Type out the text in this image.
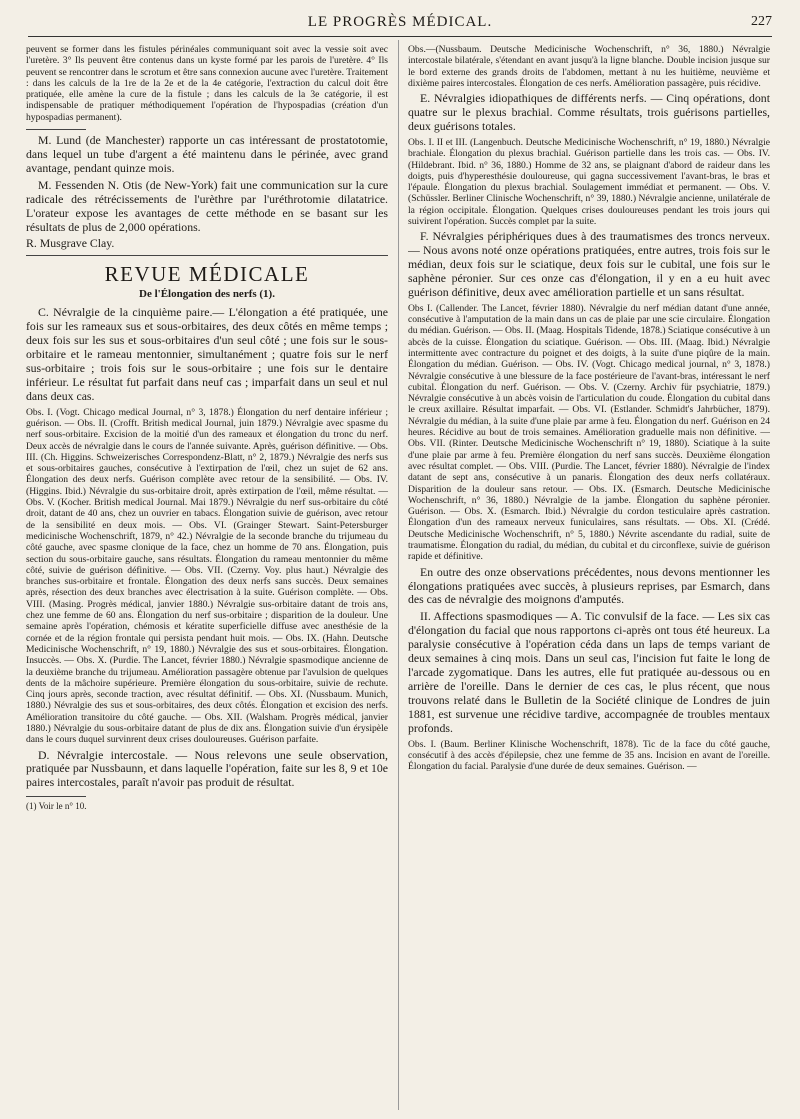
LE PROGRÈS MÉDICAL.	227

peuvent se former dans les fistules périnéales communiquant soit avec la vessie soit avec l'uretère. 3° Ils peuvent être contenus dans un kyste formé par les parois de l'uretère. 4° Ils peuvent se rencontrer dans le scrotum et être sans connexion aucune avec l'uretère. Traitement : dans les calculs de la 1re de la 2e et de la 4e catégorie, l'extraction du calcul doit être pratiquée, elle amène la cure de la fistule ; dans les calculs de la 3e catégorie, il est indispensable de pratiquer méthodiquement l'opération de l'hypospadias (création d'un hypospadias permanent).

M. Lund (de Manchester) rapporte un cas intéressant de prostatotomie, dans lequel un tube d'argent a été maintenu dans le périnée, avec grand avantage, pendant quinze mois.

M. Fessenden N. Otis (de New-York) fait une communication sur la cure radicale des rétrécissements de l'urèthre par l'uréthrotomie dilatatrice. L'orateur expose les avantages de cette méthode en se basant sur les résultats de plus de 2,000 opérations.

R. Musgrave Clay.

REVUE MÉDICALE
De l'Élongation des nerfs (1).

C. Névralgie de la cinquième paire.— L'élongation a été pratiquée, une fois sur les rameaux sus et sous-orbitaires, des deux côtés en même temps ; deux fois sur les sus et sous-orbitaires d'un seul côté ; une fois sur le sous-orbitaire et le rameau mentonnier, simultanément ; quatre fois sur le nerf sus-orbitaire ; trois fois sur le sous-orbitaire ; une fois sur le dentaire inférieur. Le résultat fut parfait dans neuf cas ; imparfait dans un seul et nul dans deux cas.

Obs. I. (Vogt. Chicago medical Journal, n° 3, 1878.) Élongation du nerf dentaire inférieur ; guérison. — Obs. II. (Crofft. British medical Journal, juin 1879.) Névralgie avec spasme du nerf sous-orbitaire. Excision de la moitié d'un des rameaux et élongation du tronc du nerf. Deux accès de névralgie dans le cours de l'année suivante. Après, guérison définitive. — Obs. III. (Ch. Higgins. Schweizerisches Correspondenz-Blatt, n° 2, 1879.) Névralgie des nerfs sus et sous-orbitaires gauches, consécutive à l'extirpation de l'œil, chez un sujet de 62 ans. Élongation des deux nerfs. Guérison complète avec retour de la sensibilité. — Obs. IV. (Higgins. Ibid.) Névralgie du sus-orbitaire droit, après extirpation de l'œil, même résultat. — Obs. V. (Kocher. British medical Journal. Mai 1879.) Névralgie du nerf sus-orbitaire du côté droit, datant de 40 ans, chez un ouvrier en tabacs. Élongation suivie de guérison, avec retour de la sensibilité en deux mois. — Obs. VI. (Grainger Stewart. Saint-Petersburger medicinische Wochenschrift, 1879, n° 42.) Névralgie de la seconde branche du trijumeau du côté gauche, avec spasme clonique de la face, chez un homme de 70 ans. Élongation, puis section du sous-orbitaire gauche, sans résultats. Élongation du rameau mentonnier du même côté, suivie de guérison définitive. — Obs. VII. (Czerny. Voy. plus haut.) Névralgie des branches sus-orbitaire et frontale. Élongation des deux nerfs sans succès. Deux semaines après, résection des deux branches avec électrisation à la suite. Guérison complète. — Obs. VIII. (Masing. Progrès médical, janvier 1880.) Névralgie sus-orbitaire datant de trois ans, chez une femme de 60 ans. Élongation du nerf sus-orbitaire ; disparition de la douleur. Une semaine après l'opération, chémosis et kératite superficielle diffuse avec anesthésie de la cornée et de la région frontale qui persista pendant huit mois. — Obs. IX. (Hahn. Deutsche Medicinische Wochenschrift, n° 19, 1880.) Névralgie des sus et sous-orbitaires. Élongation. Insuccès. — Obs. X. (Purdie. The Lancet, février 1880.) Névralgie spasmodique ancienne de la deuxième branche du trijumeau. Amélioration passagère obtenue par l'avulsion de quelques dents de la mâchoire supérieure. Première élongation du sous-orbitaire, suivie de rechute. Cinq jours après, seconde traction, avec résultat définitif. — Obs. XI. (Nussbaum. Munich, 1880.) Névralgie des sus et sous-orbitaires, des deux côtés. Élongation et excision des nerfs. Amélioration transitoire du côté gauche. — Obs. XII. (Walsham. Progrès médical, janvier 1880.) Névralgie du sous-orbitaire datant de plus de dix ans. Élongation suivie d'un érysipèle dans le cours duquel survinrent deux crises douloureuses. Guérison parfaite.

D. Névralgie intercostale. — Nous relevons une seule observation, pratiquée par Nussbaunn, et dans laquelle l'opération, faite sur les 8, 9 et 10e paires intercostales, paraît n'avoir pas produit de résultat.

(1) Voir le n° 10.

Obs.—(Nussbaum. Deutsche Medicinische Wochenschrift, n° 36, 1880.) Névralgie intercostale bilatérale, s'étendant en avant jusqu'à la ligne blanche. Double incision jusque sur le bord externe des grands droits de l'abdomen, mettant à nu les huitième, neuvième et dixième paires intercostales. Élongation de ces nerfs. Amélioration passagère, puis récidive.

E. Névralgies idiopathiques de différents nerfs. — Cinq opérations, dont quatre sur le plexus brachial. Comme résultats, trois guérisons partielles, deux guérisons totales.

Obs. I. II et III. (Langenbuch. Deutsche Medicinische Wochenschrift, n° 19, 1880.) Névralgie brachiale. Élongation du plexus brachial. Guérison partielle dans les trois cas. — Obs. IV. (Hildebrant. Ibid. n° 36, 1880.) Homme de 32 ans, se plaignant d'abord de raideur dans les doigts, puis d'hyperesthésie douloureuse, qui gagna successivement l'avant-bras, le bras et l'épaule. Élongation du plexus brachial. Soulagement immédiat et permanent. — Obs. V. (Schüssler. Berliner Clinische Wochenschrift, n° 39, 1880.) Névralgie ancienne, unilatérale de la région occipitale. Élongation. Quelques crises douloureuses pendant les trois jours qui suivirent l'opération. Succès complet par la suite.

F. Névralgies périphériques dues à des traumatismes des troncs nerveux. — Nous avons noté onze opérations pratiquées, entre autres, trois fois sur le médian, deux fois sur le sciatique, deux fois sur le cubital, une fois sur le saphène péronier. Sur ces onze cas d'élongation, il y en a eu huit avec guérison définitive, deux avec amélioration partielle et un sans résultat.

Obs I. (Callender. The Lancet, février 1880). Névralgie du nerf médian datant d'une année, consécutive à l'amputation de la main dans un cas de plaie par une scie circulaire. Élongation du médian. Guérison. — Obs. II. (Maag. Hospitals Tidende, 1878.) Sciatique consécutive à un abcès de la cuisse. Élongation du sciatique. Guérison. — Obs. III. (Maag. Ibid.) Névralgie intermittente avec contracture du poignet et des doigts, à la suite d'une piqûre de la main. Élongation du médian. Guérison. — Obs. IV. (Vogt. Chicago medical journal, n° 3, 1878.) Névralgie consécutive à une blessure de la face postérieure de l'avant-bras, intéressant le nerf cubital. Élongation du nerf. Guérison. — Obs. V. (Czerny. Archiv für psychiatrie, 1879.) Névralgie consécutive à un abcès voisin de l'articulation du coude. Élongation du cubital dans le creux axillaire. Résultat imparfait. — Obs. VI. (Estlander. Schmidt's Jahrbücher, 1879). Névralgie du médian, à la suite d'une plaie par arme à feu. Élongation du nerf. Guérison en 24 heures. Récidive au bout de trois semaines. Amélioration graduelle mais non définitive. — Obs. VII. (Rinter. Deutsche Medicinische Wochenschrift n° 19, 1880). Sciatique à la suite d'une plaie par arme à feu. Première élongation du nerf sans succès. Deuxième élongation avec résultat complet. — Obs. VIII. (Purdie. The Lancet, février 1880). Névralgie de l'index datant de sept ans, consécutive à un panaris. Élongation des deux nerfs collatéraux. Disparition de la douleur sans retour. — Obs. IX. (Esmarch. Deutsche Medicinische Wochenschrift, n° 36, 1880.) Névralgie de la jambe. Élongation du saphène péronier. Guérison. — Obs. X. (Esmarch. Ibid.) Névralgie du cordon testiculaire après castration. Élongation d'un des rameaux nerveux funiculaires, sans résultats. — Obs. XI. (Crédé. Deutsche Medicinische Wochenschrift, n° 5, 1880.) Névrite ascendante du radial, suite de traumatisme. Élongation du radial, du médian, du cubital et du circonflexe, suivie de guérison rapide et définitive.

En outre des onze observations précédentes, nous devons mentionner les élongations pratiquées avec succès, à plusieurs reprises, par Esmarch, dans des cas de névralgie des moignons d'amputés.

II. Affections spasmodiques — A. Tic convulsif de la face. — Les six cas d'élongation du facial que nous rapportons ci-après ont tous été heureux. La paralysie consécutive à l'opération céda dans un laps de temps variant de deux semaines à cinq mois. Dans un seul cas, l'incision fut faite le long de l'arcade zygomatique. Dans les autres, elle fut pratiquée au-dessous ou en arrière de l'oreille. Dans le dernier de ces cas, le plus récent, que nous trouvons relaté dans le Bulletin de la Société clinique de Londres de juin 1881, est survenue une récidive tardive, accompagnée de troubles mentaux profonds.

Obs. I. (Baum. Berliner Klinische Wochenschrift, 1878). Tic de la face du côté gauche, consécutif à des accès d'épilepsie, chez une femme de 35 ans. Incision en avant de l'oreille. Élongation du facial. Paralysie d'une durée de deux semaines. Guérison. —
